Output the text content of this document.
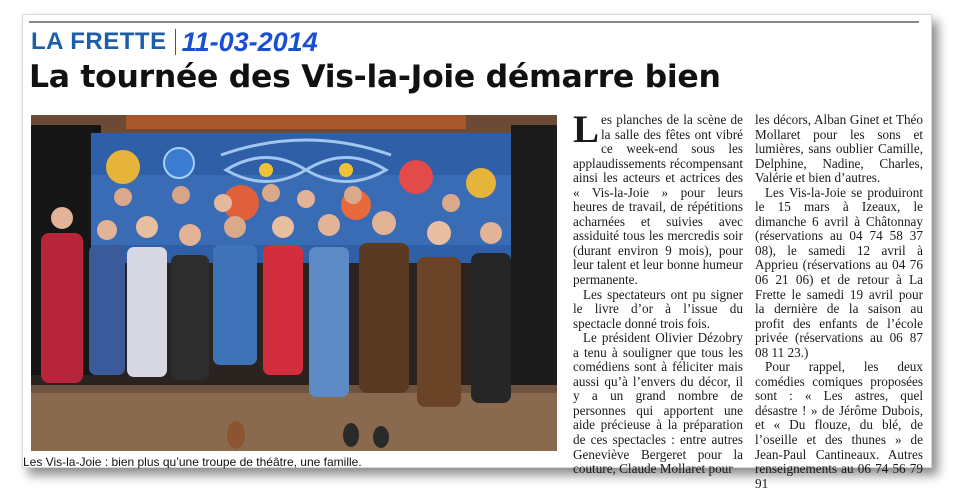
LA FRETTE 11-03-2014
La tournée des Vis-la-Joie démarre bien
Les Vis-la-Joie : bien plus qu’une troupe de théâtre, une famille.

Les planches de la scène de la salle des fêtes ont vibré ce week-end sous les applaudissements récompensant ainsi les acteurs et actrices des « Vis-la-Joie » pour leurs heures de travail, de répétitions acharnées et suivies avec assiduité tous les mercredis soir (durant environ 9 mois), pour leur talent et leur bonne humeur permanente.

Les spectateurs ont pu signer le livre d’or à l’issue du spectacle donné trois fois.

Le président Olivier Dézobry a tenu à souligner que tous les comédiens sont à féliciter mais aussi qu’à l’envers du décor, il y a un grand nombre de personnes qui apportent une aide précieuse à la préparation de ces spectacles : entre autres Geneviève Bergeret pour la couture, Claude Mollaret pour

les décors, Alban Ginet et Théo Mollaret pour les sons et lumières, sans oublier Camille, Delphine, Nadine, Charles, Valérie et bien d’autres.

Les Vis-la-Joie se produiront le 15 mars à Izeaux, le dimanche 6 avril à Châtonnay (réservations au 04 74 58 37 08), le samedi 12 avril à Apprieu (réservations au 04 76 06 21 06) et de retour à La Frette le samedi 19 avril pour la dernière de la saison au profit des enfants de l’école privée (réservations au 06 87 08 11 23.)

Pour rappel, les deux comédies comiques proposées sont : « Les astres, quel désastre ! » de Jérôme Dubois, et « Du flouze, du blé, de l’oseille et des thunes » de Jean-Paul Cantineaux. Autres renseignements au 06 74 56 79 91
